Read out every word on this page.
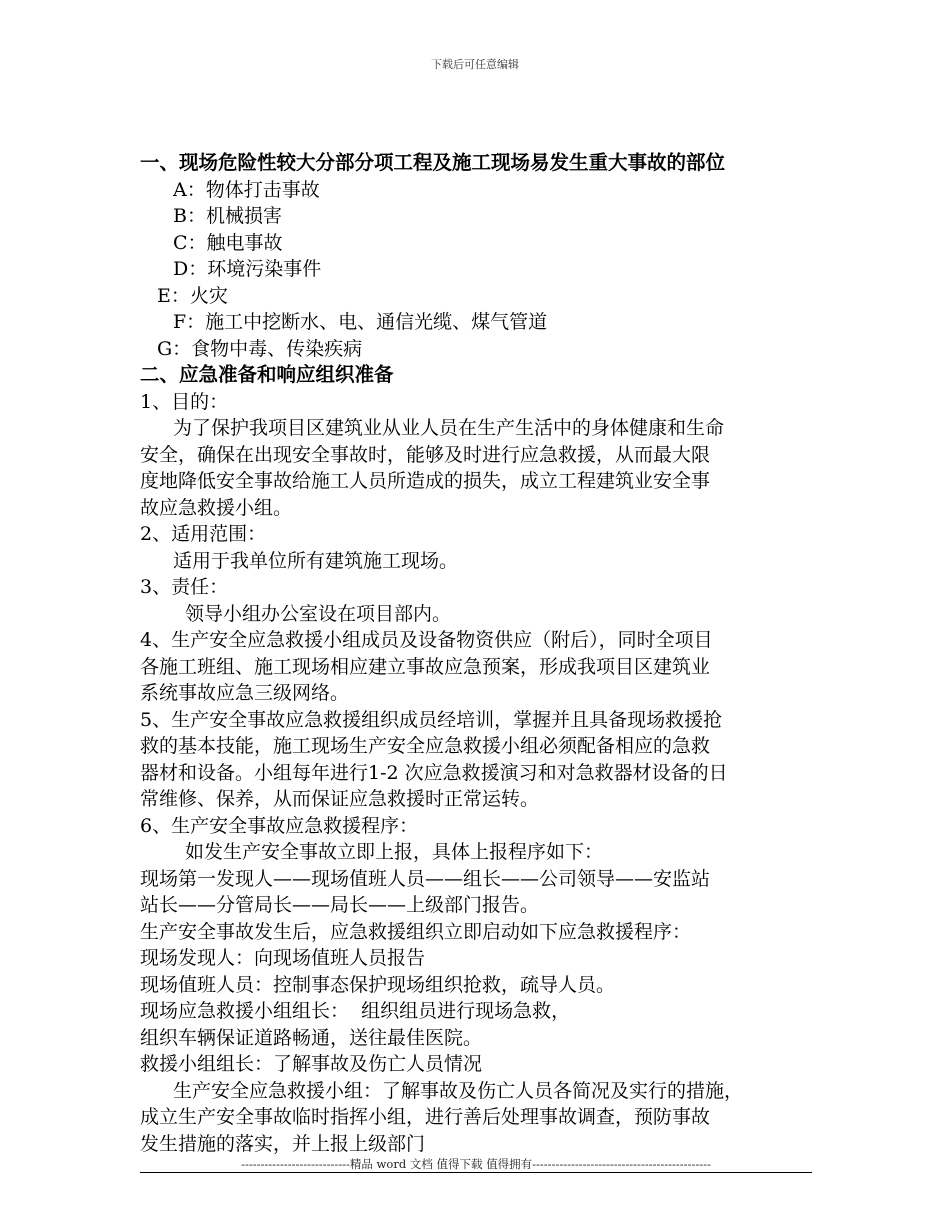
下载后可任意编辑
一、现场危险性较大分部分项工程及施工现场易发生重大事故的部位
A：物体打击事故
B：机械损害
C：触电事故
D：环境污染事件
E：火灾
F：施工中挖断水、电、通信光缆、煤气管道
G：食物中毒、传染疾病
二、应急准备和响应组织准备
1、目的：
为了保护我项目区建筑业从业人员在生产生活中的身体健康和生命
安全，确保在出现安全事故时，能够及时进行应急救援，从而最大限
度地降低安全事故给施工人员所造成的损失，成立工程建筑业安全事
故应急救援小组。
2、适用范围：
适用于我单位所有建筑施工现场。
3、责任：
领导小组办公室设在项目部内。
4、生产安全应急救援小组成员及设备物资供应（附后），同时全项目
各施工班组、施工现场相应建立事故应急预案，形成我项目区建筑业
系统事故应急三级网络。
5、生产安全事故应急救援组织成员经培训，掌握并且具备现场救援抢
救的基本技能，施工现场生产安全应急救援小组必须配备相应的急救
器材和设备。小组每年进行1-2 次应急救援演习和对急救器材设备的日
常维修、保养，从而保证应急救援时正常运转。
6、生产安全事故应急救援程序：
如发生产安全事故立即上报，具体上报程序如下：
现场第一发现人——现场值班人员——组长——公司领导——安监站
站长——分管局长——局长——上级部门报告。
生产安全事故发生后，应急救援组织立即启动如下应急救援程序：
现场发现人：向现场值班人员报告
现场值班人员：控制事态保护现场组织抢救，疏导人员。
现场应急救援小组组长：  组织组员进行现场急救，
组织车辆保证道路畅通，送往最佳医院。
救援小组组长：了解事故及伤亡人员情况
生产安全应急救援小组：了解事故及伤亡人员各简况及实行的措施，
成立生产安全事故临时指挥小组，进行善后处理事故调查，预防事故
发生措施的落实，并上报上级部门
----------------------------精品 word 文档 值得下载 值得拥有----------------------------------------------
